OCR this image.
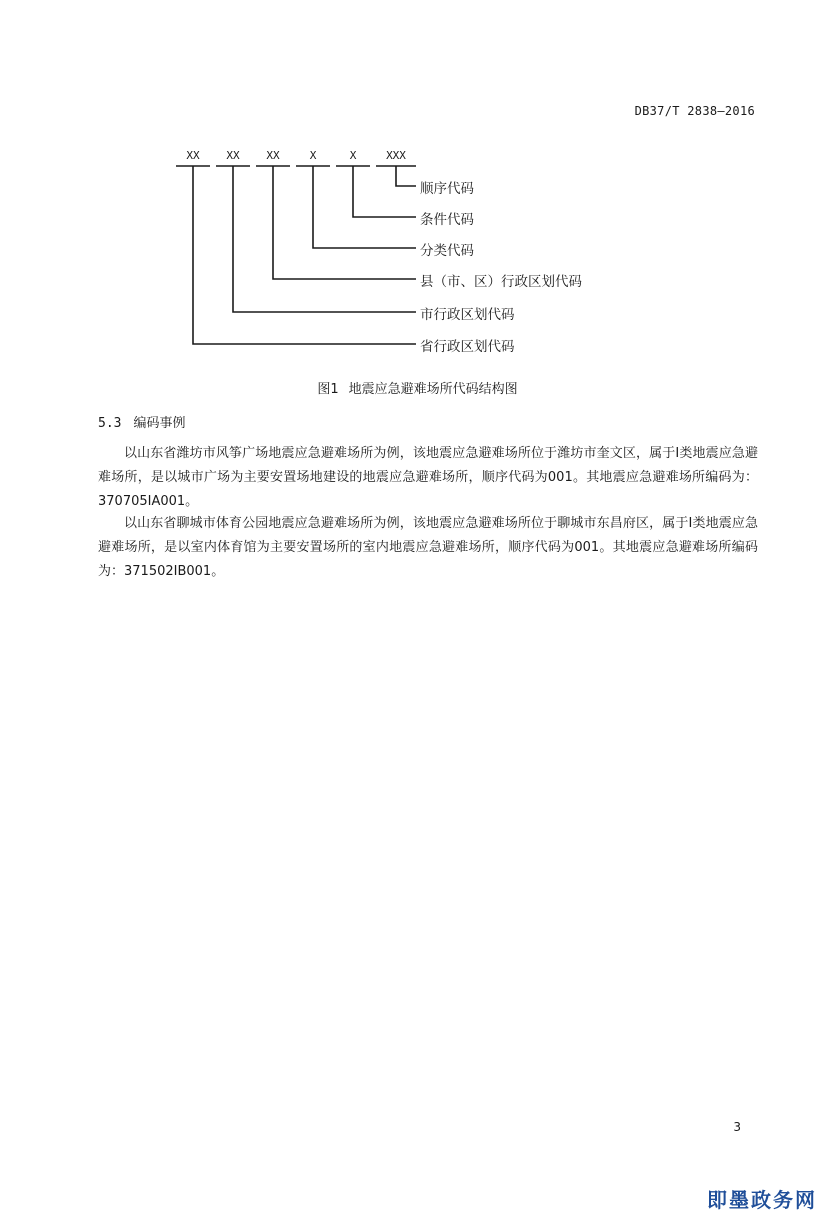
DB37/T 2838—2016
XX	XX	XX	X	X	XXX
顺序代码
条件代码
分类代码
县（市、区）行政区划代码
市行政区划代码
省行政区划代码
图1 地震应急避难场所代码结构图
5.3 编码事例

以山东省潍坊市风筝广场地震应急避难场所为例，该地震应急避难场所位于潍坊市奎文区，属于Ⅰ类地震应急避难场所，是以城市广场为主要安置场地建设的地震应急避难场所，顺序代码为001。其地震应急避难场所编码为：370705ⅠA001。

以山东省聊城市体育公园地震应急避难场所为例，该地震应急避难场所位于聊城市东昌府区，属于Ⅰ类地震应急避难场所，是以室内体育馆为主要安置场所的室内地震应急避难场所，顺序代码为001。其地震应急避难场所编码为：371502ⅠB001。

3
即墨政务网
